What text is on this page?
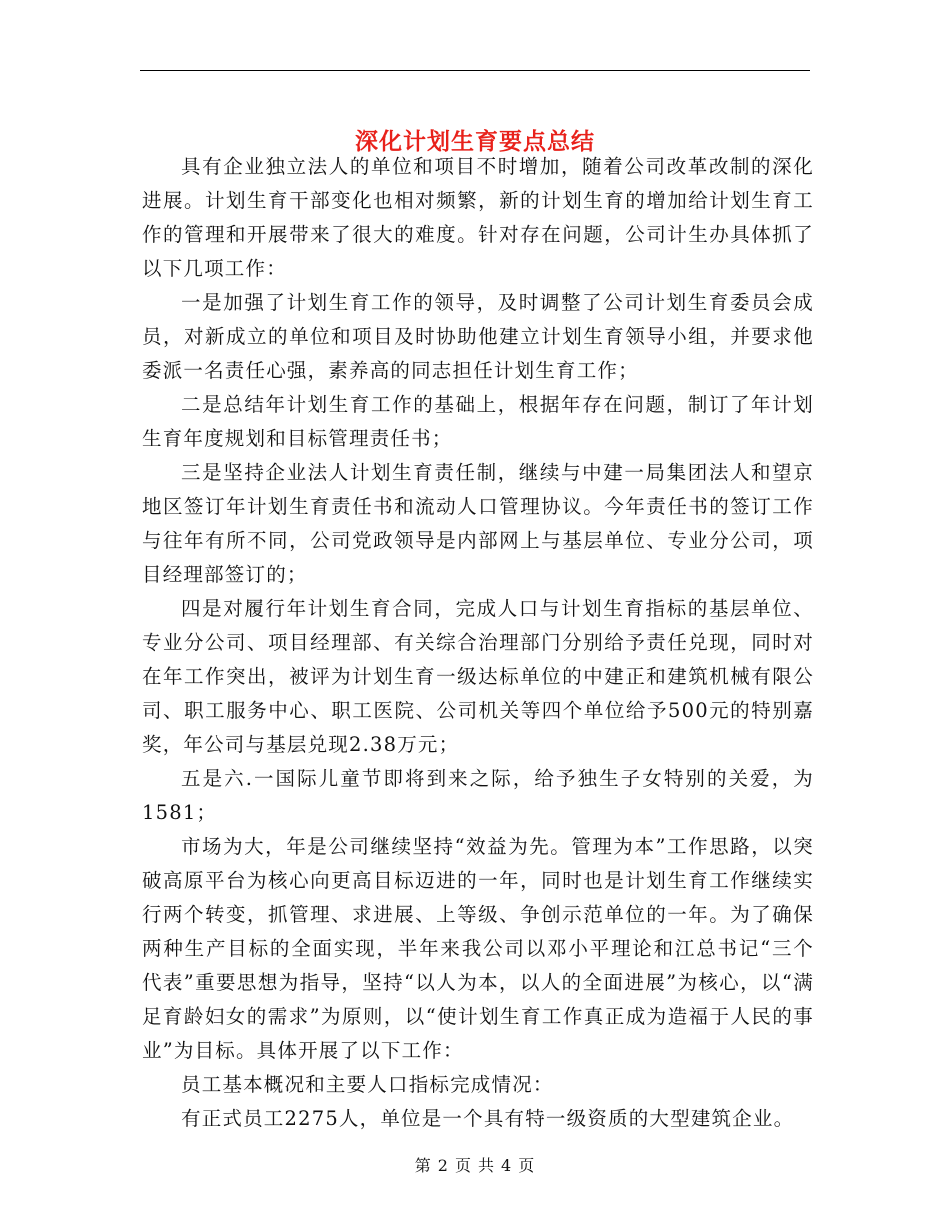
深化计划生育要点总结

具有企业独立法人的单位和项目不时增加，随着公司改革改制的深化进展。计划生育干部变化也相对频繁，新的计划生育的增加给计划生育工作的管理和开展带来了很大的难度。针对存在问题，公司计生办具体抓了以下几项工作：

一是加强了计划生育工作的领导，及时调整了公司计划生育委员会成员，对新成立的单位和项目及时协助他建立计划生育领导小组，并要求他委派一名责任心强，素养高的同志担任计划生育工作；

二是总结年计划生育工作的基础上，根据年存在问题，制订了年计划生育年度规划和目标管理责任书；

三是坚持企业法人计划生育责任制，继续与中建一局集团法人和望京地区签订年计划生育责任书和流动人口管理协议。今年责任书的签订工作与往年有所不同，公司党政领导是内部网上与基层单位、专业分公司，项目经理部签订的；

四是对履行年计划生育合同，完成人口与计划生育指标的基层单位、专业分公司、项目经理部、有关综合治理部门分别给予责任兑现，同时对在年工作突出，被评为计划生育一级达标单位的中建正和建筑机械有限公司、职工服务中心、职工医院、公司机关等四个单位给予500元的特别嘉奖，年公司与基层兑现2.38万元；

五是六.一国际儿童节即将到来之际，给予独生子女特别的关爱，为1581；

市场为大，年是公司继续坚持“效益为先。管理为本”工作思路，以突破高原平台为核心向更高目标迈进的一年，同时也是计划生育工作继续实行两个转变，抓管理、求进展、上等级、争创示范单位的一年。为了确保两种生产目标的全面实现，半年来我公司以邓小平理论和江总书记“三个代表”重要思想为指导，坚持“以人为本，以人的全面进展”为核心，以“满足育龄妇女的需求”为原则，以“使计划生育工作真正成为造福于人民的事业”为目标。具体开展了以下工作：

员工基本概况和主要人口指标完成情况：

有正式员工2275人，单位是一个具有特一级资质的大型建筑企业。

第 2 页 共 4 页
